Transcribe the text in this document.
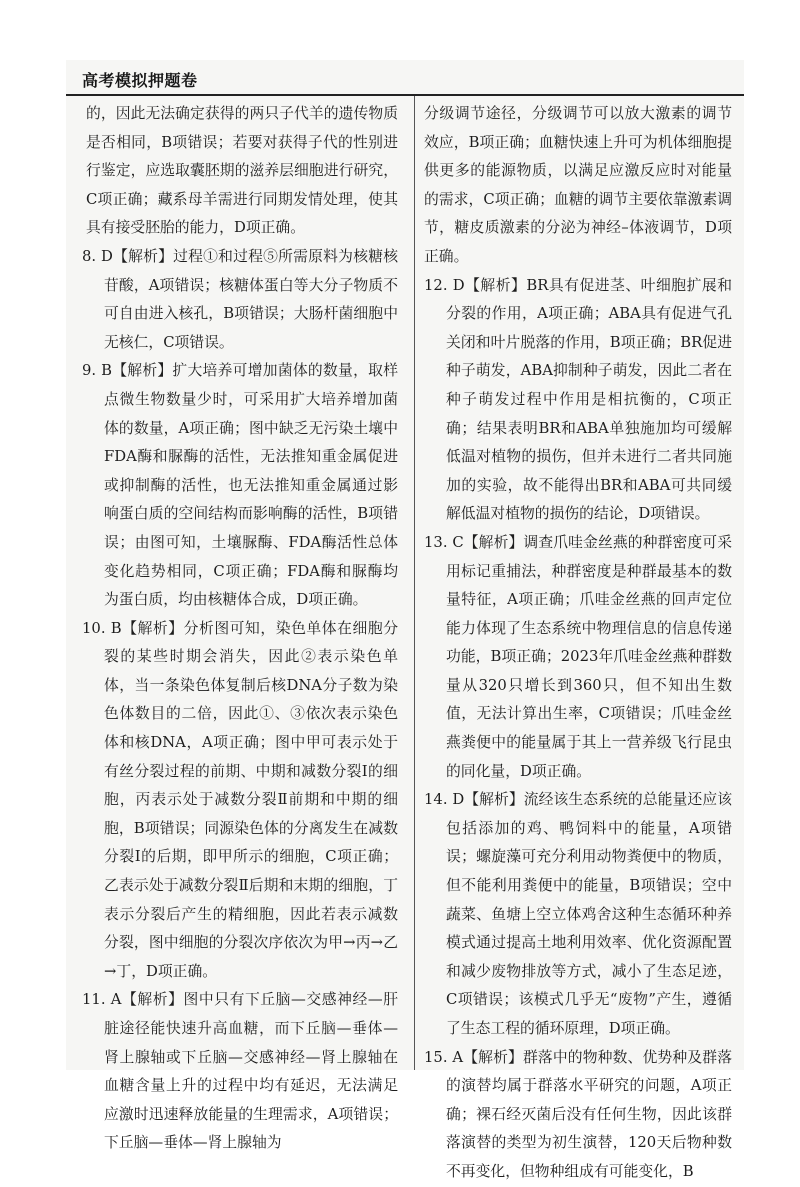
高考模拟押题卷

的，因此无法确定获得的两只子代羊的遗传物质是否相同，B项错误；若要对获得子代的性别进行鉴定，应选取囊胚期的滋养层细胞进行研究，C项正确；藏系母羊需进行同期发情处理，使其具有接受胚胎的能力，D项正确。

8. D【解析】过程①和过程⑤所需原料为核糖核苷酸，A项错误；核糖体蛋白等大分子物质不可自由进入核孔，B项错误；大肠杆菌细胞中无核仁，C项错误。

9. B【解析】扩大培养可增加菌体的数量，取样点微生物数量少时，可采用扩大培养增加菌体的数量，A项正确；图中缺乏无污染土壤中FDA酶和脲酶的活性，无法推知重金属促进或抑制酶的活性，也无法推知重金属通过影响蛋白质的空间结构而影响酶的活性，B项错误；由图可知，土壤脲酶、FDA酶活性总体变化趋势相同，C项正确；FDA酶和脲酶均为蛋白质，均由核糖体合成，D项正确。

10. B【解析】分析图可知，染色单体在细胞分裂的某些时期会消失，因此②表示染色单体，当一条染色体复制后核DNA分子数为染色体数目的二倍，因此①、③依次表示染色体和核DNA，A项正确；图中甲可表示处于有丝分裂过程的前期、中期和减数分裂Ⅰ的细胞，丙表示处于减数分裂Ⅱ前期和中期的细胞，B项错误；同源染色体的分离发生在减数分裂Ⅰ的后期，即甲所示的细胞，C项正确；乙表示处于减数分裂Ⅱ后期和末期的细胞，丁表示分裂后产生的精细胞，因此若表示减数分裂，图中细胞的分裂次序依次为甲→丙→乙→丁，D项正确。

11. A【解析】图中只有下丘脑—交感神经—肝脏途径能快速升高血糖，而下丘脑—垂体—肾上腺轴或下丘脑—交感神经—肾上腺轴在血糖含量上升的过程中均有延迟，无法满足应激时迅速释放能量的生理需求，A项错误；下丘脑—垂体—肾上腺轴为

分级调节途径，分级调节可以放大激素的调节效应，B项正确；血糖快速上升可为机体细胞提供更多的能源物质，以满足应激反应时对能量的需求，C项正确；血糖的调节主要依靠激素调节，糖皮质激素的分泌为神经–体液调节，D项正确。

12. D【解析】BR具有促进茎、叶细胞扩展和分裂的作用，A项正确；ABA具有促进气孔关闭和叶片脱落的作用，B项正确；BR促进种子萌发，ABA抑制种子萌发，因此二者在种子萌发过程中作用是相抗衡的，C项正确；结果表明BR和ABA单独施加均可缓解低温对植物的损伤，但并未进行二者共同施加的实验，故不能得出BR和ABA可共同缓解低温对植物的损伤的结论，D项错误。

13. C【解析】调查爪哇金丝燕的种群密度可采用标记重捕法，种群密度是种群最基本的数量特征，A项正确；爪哇金丝燕的回声定位能力体现了生态系统中物理信息的信息传递功能，B项正确；2023年爪哇金丝燕种群数量从320只增长到360只，但不知出生数值，无法计算出生率，C项错误；爪哇金丝燕粪便中的能量属于其上一营养级飞行昆虫的同化量，D项正确。

14. D【解析】流经该生态系统的总能量还应该包括添加的鸡、鸭饲料中的能量，A项错误；螺旋藻可充分利用动物粪便中的物质，但不能利用粪便中的能量，B项错误；空中蔬菜、鱼塘上空立体鸡舍这种生态循环种养模式通过提高土地利用效率、优化资源配置和减少废物排放等方式，减小了生态足迹，C项错误；该模式几乎无“废物”产生，遵循了生态工程的循环原理，D项正确。

15. A【解析】群落中的物种数、优势种及群落的演替均属于群落水平研究的问题，A项正确；裸石经灭菌后没有任何生物，因此该群落演替的类型为初生演替，120天后物种数不再变化，但物种组成有可能变化，B
